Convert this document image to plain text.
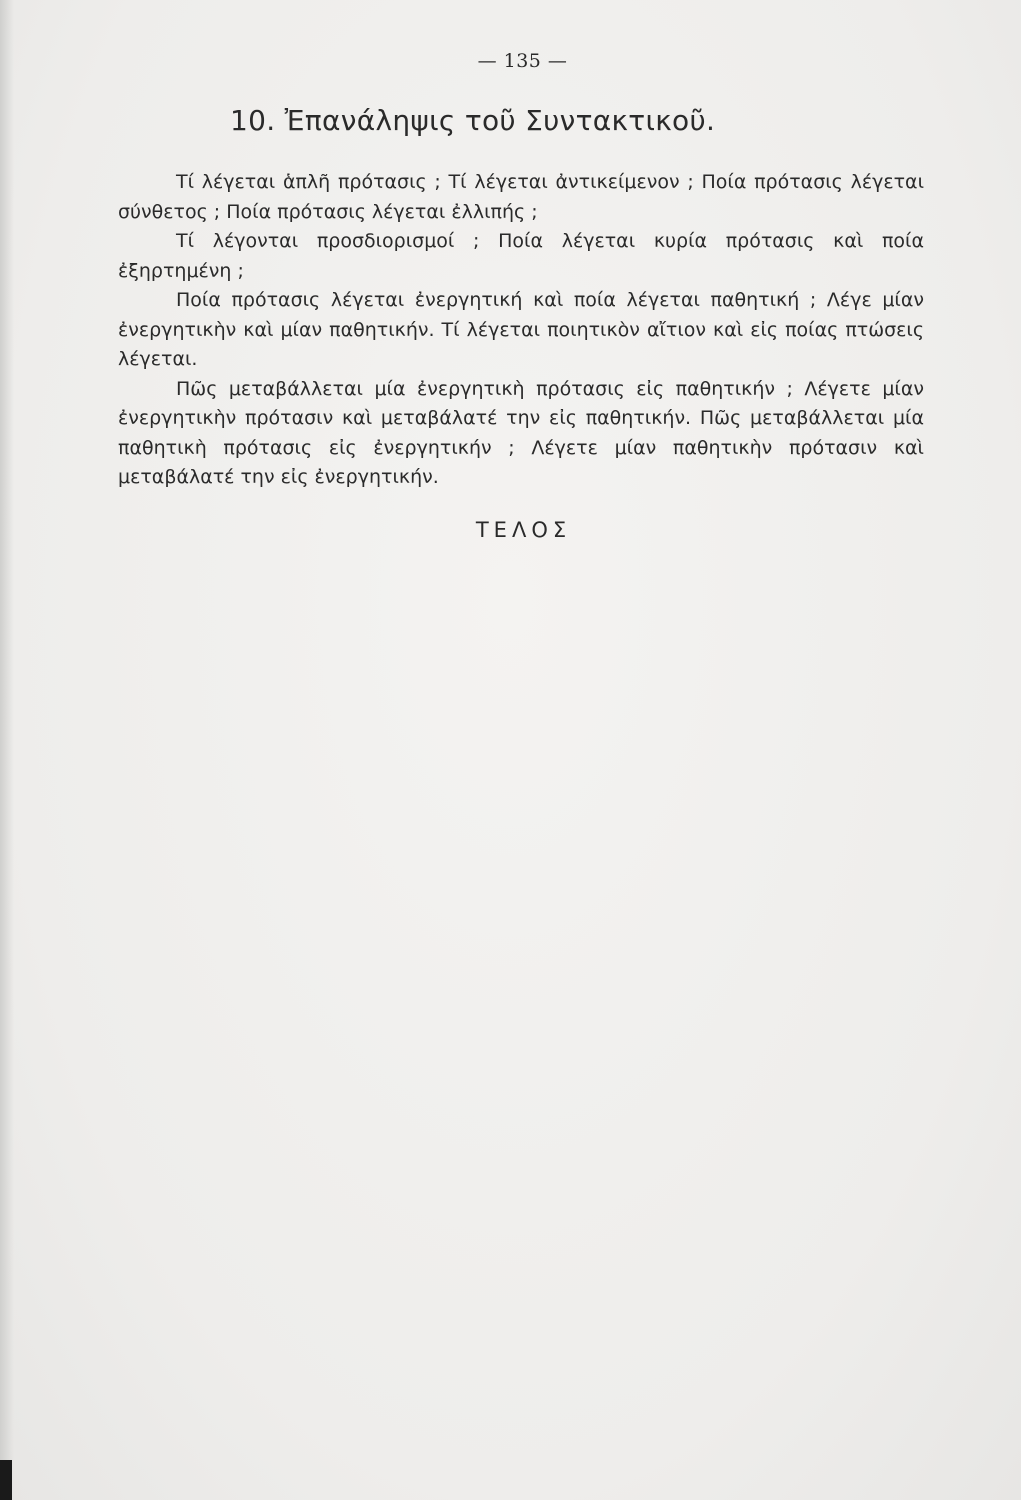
— 135 —
10. Ἐπανάληψις τοῦ Συντακτικοῦ.

Τί λέγεται ἁπλῆ πρότασις ; Τί λέγεται ἀντικείμενον ; Ποία πρότασις λέγεται σύνθετος ; Ποία πρότασις λέγεται ἐλλιπής ;

Τί λέγονται προσδιορισμοί ; Ποία λέγεται κυρία πρότασις καὶ ποία ἐξηρτημένη ;

Ποία πρότασις λέγεται ἐνεργητική καὶ ποία λέγεται παθητική ; Λέγε μίαν ἐνεργητικὴν καὶ μίαν παθητικήν. Τί λέγεται ποιητικὸν αἴτιον καὶ εἰς ποίας πτώσεις λέγεται.

Πῶς μεταβάλλεται μία ἐνεργητικὴ πρότασις εἰς παθητικήν ; Λέγετε μίαν ἐνεργητικὴν πρότασιν καὶ μεταβάλατέ την εἰς παθητικήν. Πῶς μεταβάλλεται μία παθητικὴ πρότασις εἰς ἐνεργητικήν ; Λέγετε μίαν παθητικὴν πρότασιν καὶ μεταβάλατέ την εἰς ἐνεργητικήν.

ΤΕΛΟΣ
